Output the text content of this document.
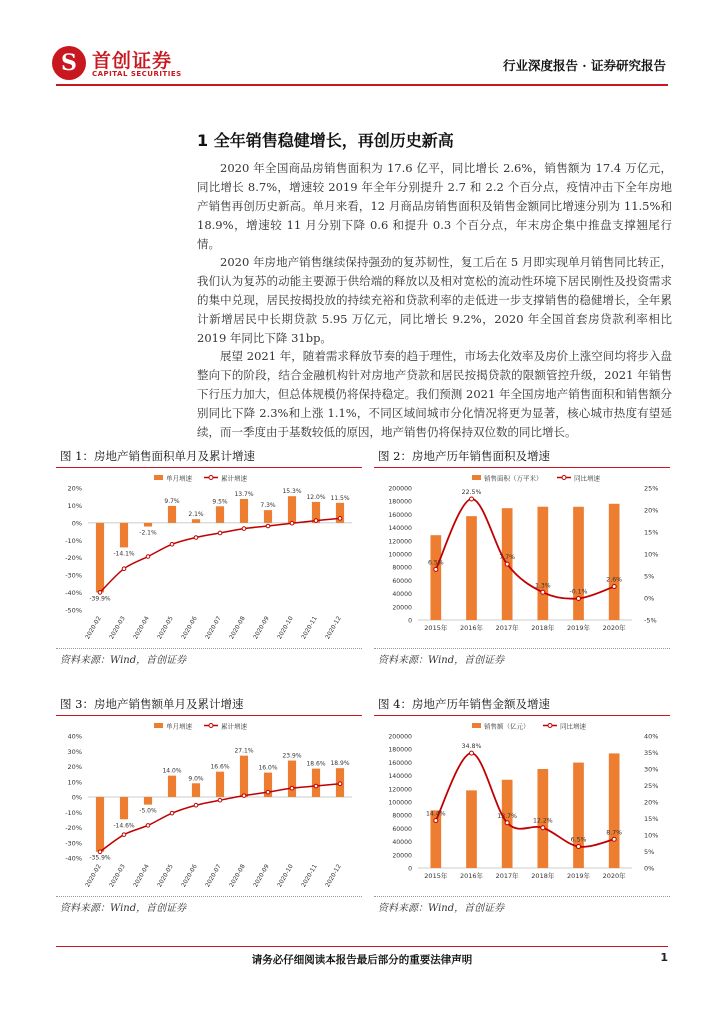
S 首创证券
CAPITAL SECURITIES
行业深度报告 · 证券研究报告
1 全年销售稳健增长，再创历史新高

2020 年全国商品房销售面积为 17.6 亿平，同比增长 2.6%，销售额为 17.4 万亿元，同比增长 8.7%，增速较 2019 年全年分别提升 2.7 和 2.2 个百分点，疫情冲击下全年房地产销售再创历史新高。单月来看，12 月商品房销售面积及销售金额同比增速分别为 11.5%和 18.9%，增速较 11 月分别下降 0.6 和提升 0.3 个百分点，年末房企集中推盘支撑翘尾行情。

2020 年房地产销售继续保持强劲的复苏韧性，复工后在 5 月即实现单月销售同比转正，我们认为复苏的动能主要源于供给端的释放以及相对宽松的流动性环境下居民刚性及投资需求的集中兑现，居民按揭投放的持续充裕和贷款利率的走低进一步支撑销售的稳健增长，全年累计新增居民中长期贷款 5.95 万亿元，同比增长 9.2%，2020 年全国首套房贷款利率相比 2019 年同比下降 31bp。

展望 2021 年，随着需求释放节奏的趋于理性，市场去化效率及房价上涨空间均将步入盘整向下的阶段，结合金融机构针对房地产贷款和居民按揭贷款的限额管控升级，2021 年销售下行压力加大，但总体规模仍将保持稳定。我们预测 2021 年全国房地产销售面积和销售额分别同比下降 2.3%和上涨 1.1%，不同区域间城市分化情况将更为显著，核心城市热度有望延续，而一季度由于基数较低的原因，地产销售仍将保持双位数的同比增长。

图 1：房地产销售面积单月及累计增速
单月增速	累计增速
20%
10%
0%
-10%
-20%
-30%
-40%
-50%
-39.9%
2020-02
-14.1%
2020-03
-2.1%
2020-04
9.7%
2020-05
2.1%
2020-06
9.5%
2020-07
13.7%
2020-08
7.3%
2020-09
15.3%
2020-10
12.0%
2020-11
11.5%
2020-12
资料来源：Wind，首创证券
图 2：房地产历年销售面积及增速
销售面积（万平米）	同比增速
200000
180000
160000
140000
120000
100000
80000
60000
40000
20000
0
25%
20%
15%
10%
5%
0%
-5%
2015年 2016年 2017年 2018年 2019年 2020年
6.5%
22.5%
7.7%
1.3%
-0.1%
2.6%
资料来源：Wind，首创证券
图 3：房地产销售额单月及累计增速
单月增速	累计增速
40%
30%
20%
10%
0%
-10%
-20%
-30%
-40% -35.9%
2020-02
-14.6%
2020-03
-5.0%
2020-04
14.0%
2020-05
9.0%
2020-06
16.6%
2020-07
27.1%
2020-08
16.0%
2020-09
23.9%
2020-10
18.6%
2020-11
18.9%
2020-12
资料来源：Wind，首创证券
图 4：房地产历年销售金额及增速
销售额（亿元）	同比增速
200000
180000
160000
140000
120000
100000
80000
60000
40000
20000
0
40%
35%
30%
25%
20%
15%
10%
5%
0%
2015年 2016年 2017年 2018年 2019年 2020年
14.4%
34.8%
13.7%
12.2%
6.5%
8.7%
资料来源：Wind，首创证券
请务必仔细阅读本报告最后部分的重要法律声明	1
